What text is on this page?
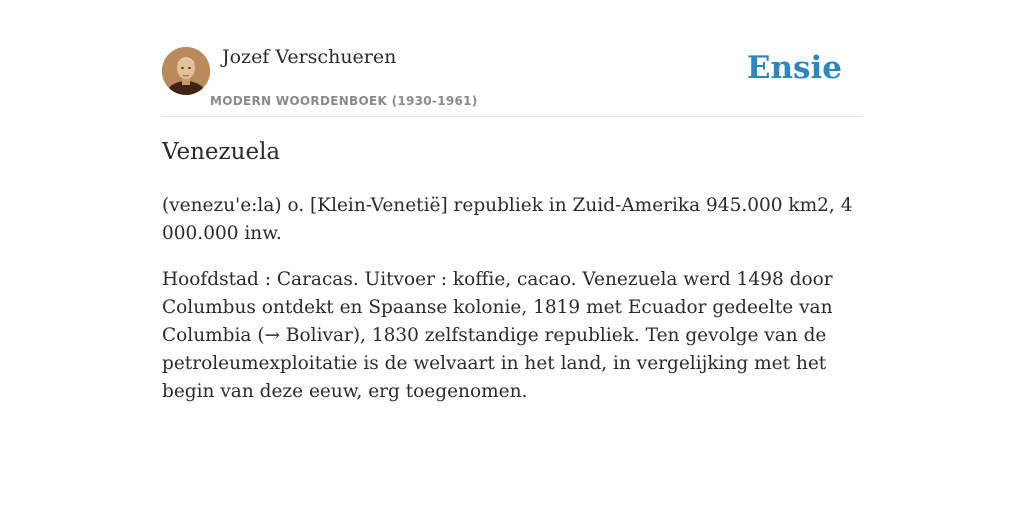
Jozef Verschueren
MODERN WOORDENBOEK (1930-1961)
Ensie
Venezuela

(venezu'e:la) o. [Klein-Venetië] republiek in Zuid-Amerika 945.000 km2, 4 000.000 inw.

Hoofdstad : Caracas. Uitvoer : koffie, cacao. Venezuela werd 1498 door Columbus ontdekt en Spaanse kolonie, 1819 met Ecuador gedeelte van Columbia (→ Bolivar), 1830 zelfstandige republiek. Ten gevolge van de petroleumexploitatie is de welvaart in het land, in vergelijking met het begin van deze eeuw, erg toegenomen.
